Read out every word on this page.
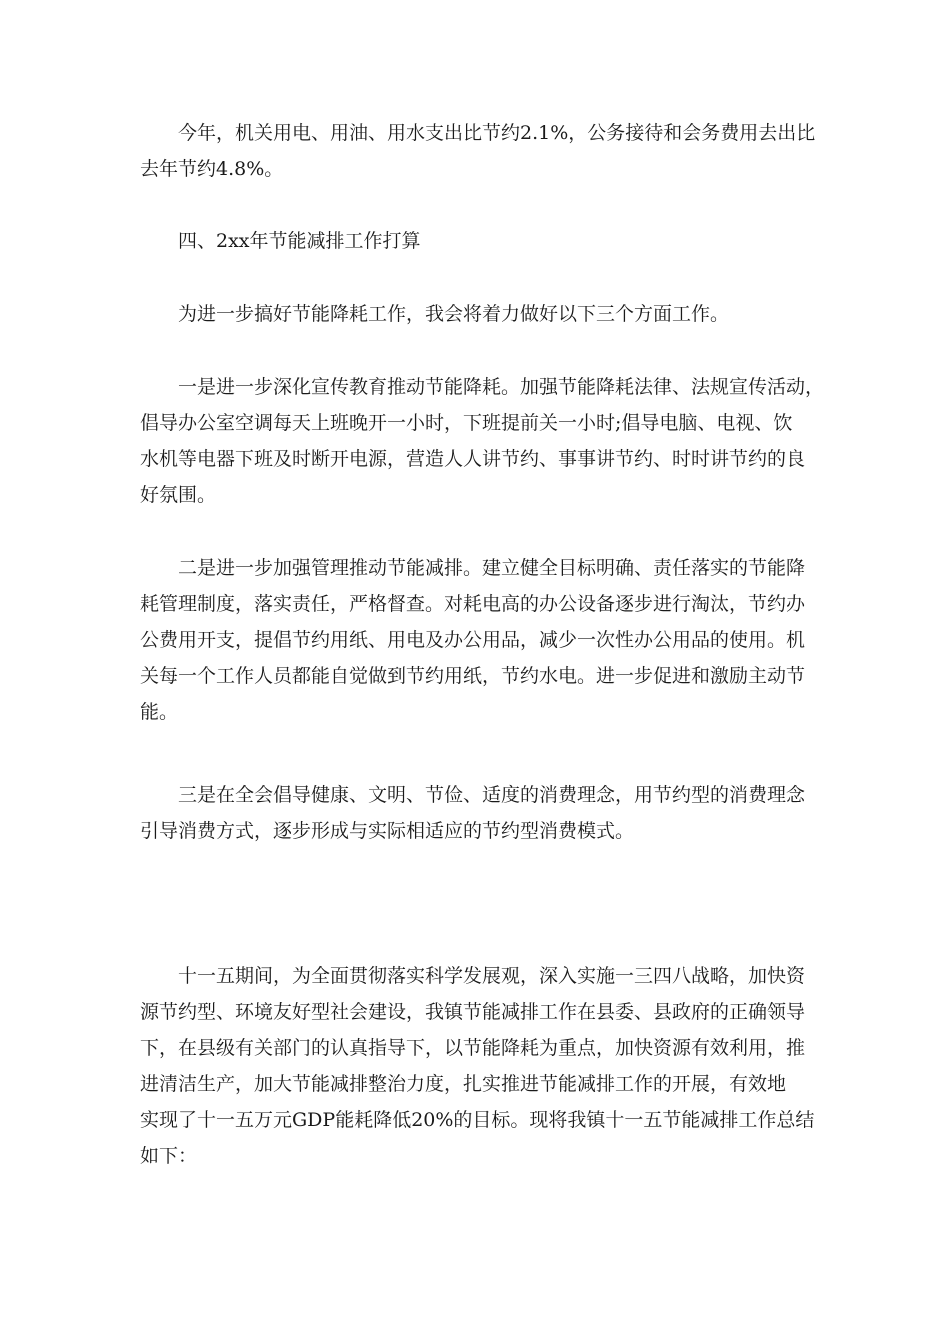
今年，机关用电、用油、用水支出比节约2.1%，公务接待和会务费用去出比
去年节约4.8%。
四、2xx年节能减排工作打算
为进一步搞好节能降耗工作，我会将着力做好以下三个方面工作。
一是进一步深化宣传教育推动节能降耗。加强节能降耗法律、法规宣传活动，
倡导办公室空调每天上班晚开一小时，下班提前关一小时;倡导电脑、电视、饮
水机等电器下班及时断开电源，营造人人讲节约、事事讲节约、时时讲节约的良
好氛围。
二是进一步加强管理推动节能减排。建立健全目标明确、责任落实的节能降
耗管理制度，落实责任，严格督查。对耗电高的办公设备逐步进行淘汰，节约办
公费用开支，提倡节约用纸、用电及办公用品，减少一次性办公用品的使用。机
关每一个工作人员都能自觉做到节约用纸，节约水电。进一步促进和激励主动节
能。
三是在全会倡导健康、文明、节俭、适度的消费理念，用节约型的消费理念
引导消费方式，逐步形成与实际相适应的节约型消费模式。
十一五期间，为全面贯彻落实科学发展观，深入实施一三四八战略，加快资
源节约型、环境友好型社会建设，我镇节能减排工作在县委、县政府的正确领导
下，在县级有关部门的认真指导下，以节能降耗为重点，加快资源有效利用，推
进清洁生产，加大节能减排整治力度，扎实推进节能减排工作的开展，有效地
实现了十一五万元GDP能耗降低20%的目标。现将我镇十一五节能减排工作总结
如下：
